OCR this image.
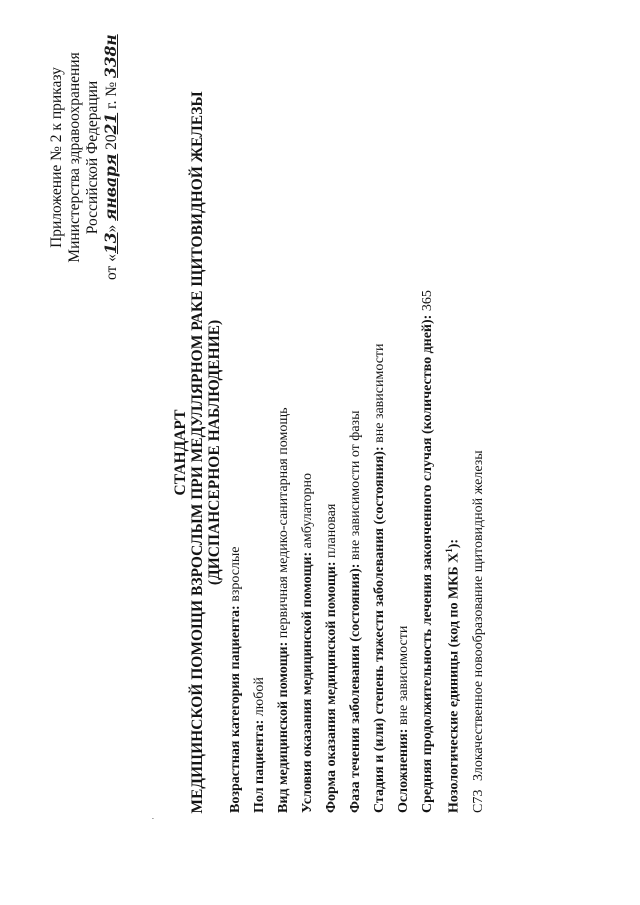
·
Приложение № 2 к приказу Министерства здравоохранения Российской Федерации
от «13» января 2021 г. № 338н
СТАНДАРТ МЕДИЦИНСКОЙ ПОМОЩИ ВЗРОСЛЫМ ПРИ МЕДУЛЛЯРНОМ РАКЕ ЩИТОВИДНОЙ ЖЕЛЕЗЫ (ДИСПАНСЕРНОЕ НАБЛЮДЕНИЕ)

Возрастная категория пациента: взрослые

Пол пациента: любой Вид медицинской помощи: первичная медико-санитарная помощь

Условия оказания медицинской помощи: амбулаторно

Форма оказания медицинской помощи: плановая

Фаза течения заболевания (состояния): вне зависимости от фазы Стадия и (или) степень тяжести заболевания (состояния): вне зависимости

Осложнения: вне зависимости Средняя продолжительность лечения законченного случая (количество дней): 365

Нозологические единицы (код по МКБ $X^1$):

C73Злокачественное новообразование щитовидной железы
